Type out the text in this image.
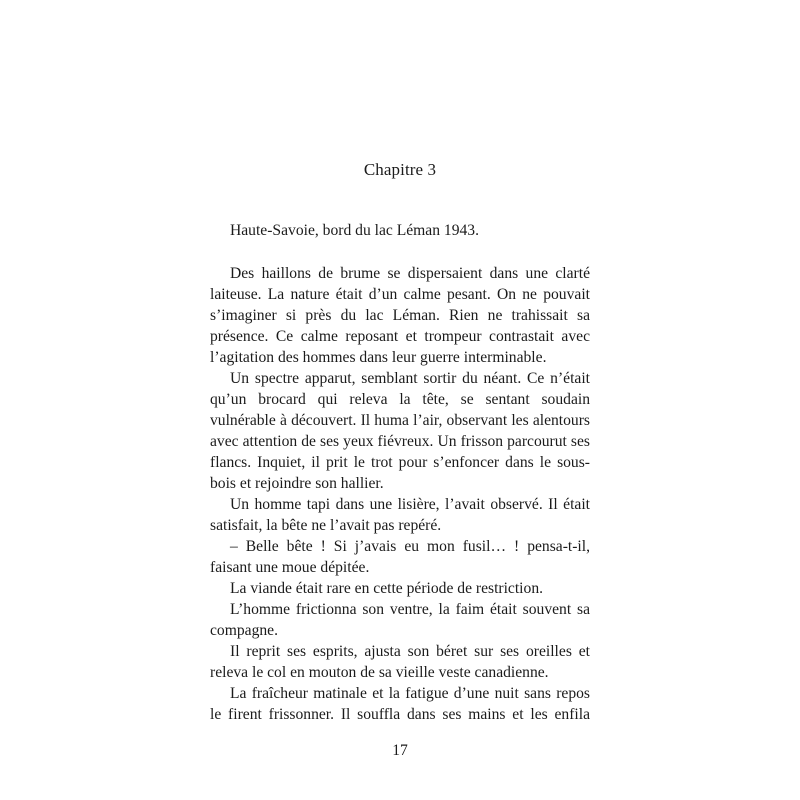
Chapitre 3

Haute-Savoie, bord du lac Léman 1943.

Des haillons de brume se dispersaient dans une clarté laiteuse. La nature était d’un calme pesant. On ne pouvait s’imaginer si près du lac Léman. Rien ne trahissait sa présence. Ce calme reposant et trompeur contrastait avec l’agitation des hommes dans leur guerre interminable.

Un spectre apparut, semblant sortir du néant. Ce n’était qu’un brocard qui releva la tête, se sentant soudain vulnérable à découvert. Il huma l’air, observant les alentours avec attention de ses yeux fiévreux. Un frisson parcourut ses flancs. Inquiet, il prit le trot pour s’enfoncer dans le sous-bois et rejoindre son hallier.

Un homme tapi dans une lisière, l’avait observé. Il était satisfait, la bête ne l’avait pas repéré.

– Belle bête ! Si j’avais eu mon fusil… ! pensa-t-il, faisant une moue dépitée.

La viande était rare en cette période de restriction.

L’homme frictionna son ventre, la faim était souvent sa compagne.

Il reprit ses esprits, ajusta son béret sur ses oreilles et releva le col en mouton de sa vieille veste canadienne.

La fraîcheur matinale et la fatigue d’une nuit sans repos le firent frissonner. Il souffla dans ses mains et les enfila

17
